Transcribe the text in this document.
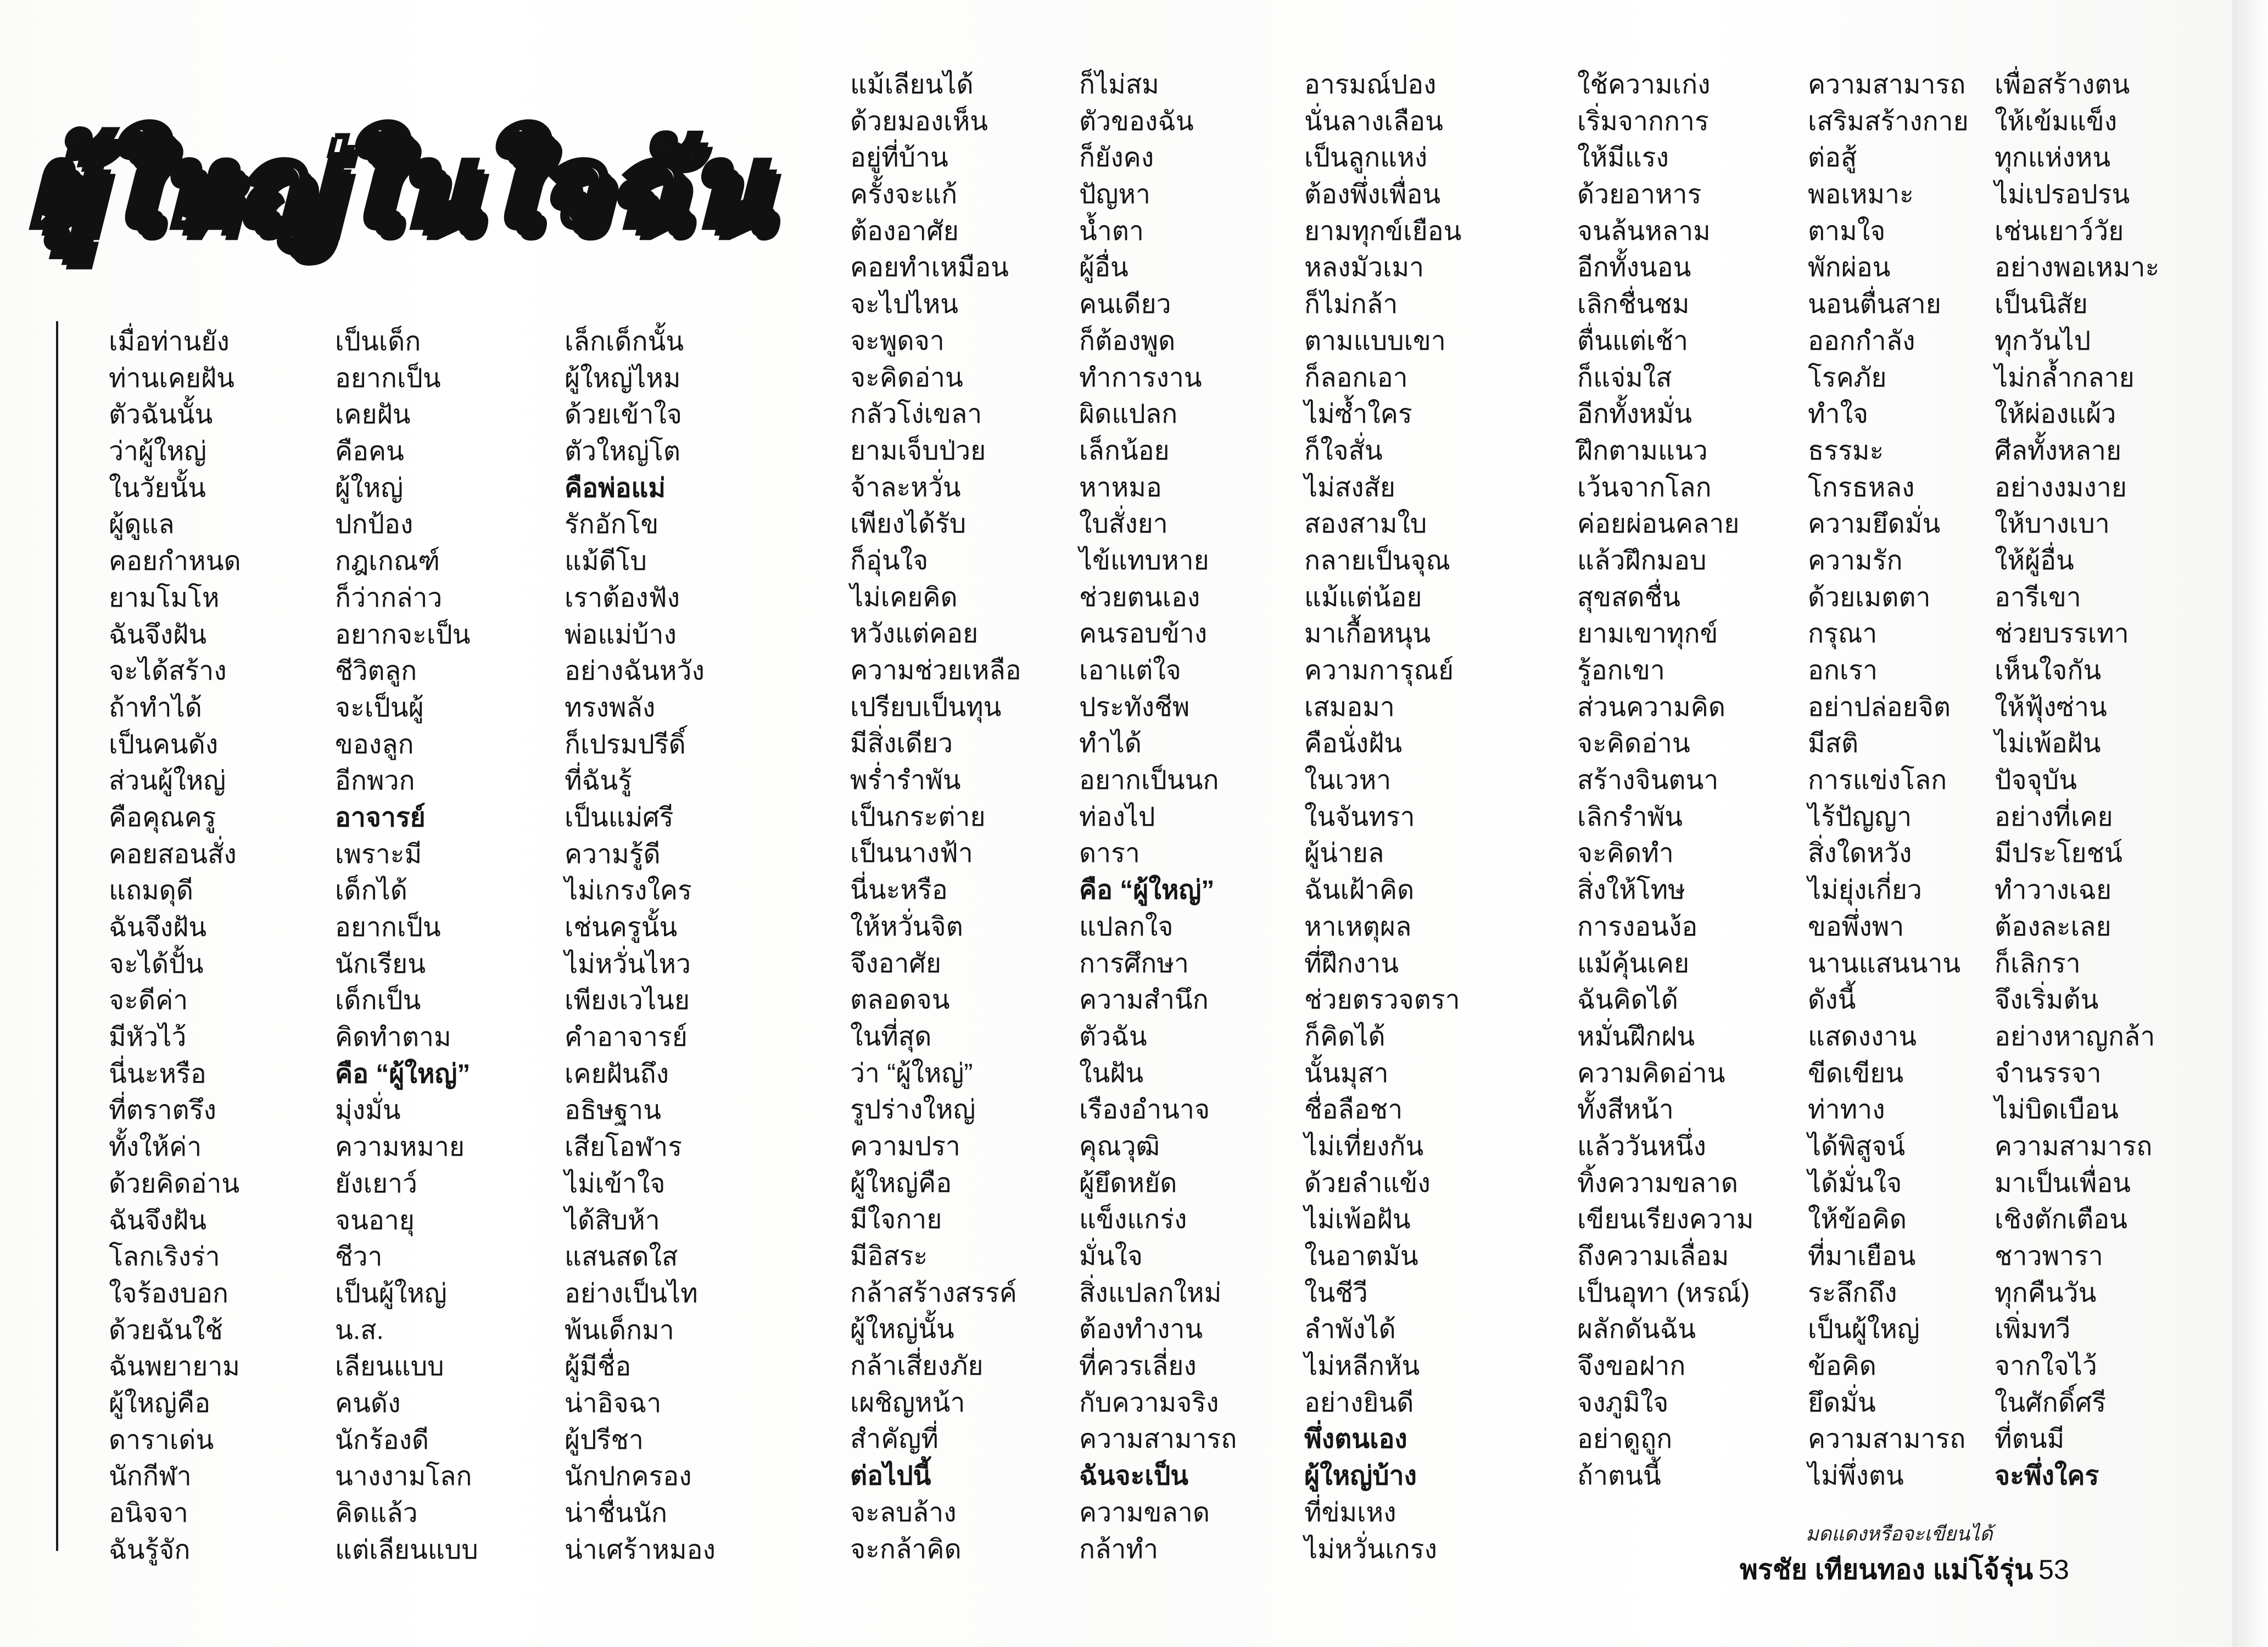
ผู้ใหญ่ในใจฉัน
เมื่อท่านยัง
ท่านเคยฝัน
ตัวฉันนั้น
ว่าผู้ใหญ่
ในวัยนั้น
ผู้ดูแล
คอยกำหนด
ยามโมโห
ฉันจึงฝัน
จะได้สร้าง
ถ้าทำได้
เป็นคนดัง
ส่วนผู้ใหญ่
คือคุณครู
คอยสอนสั่ง
แถมดุดี
ฉันจึงฝัน
จะได้ปั้น
จะดีค่า
มีหัวไว้
นี่นะหรือ
ที่ตราตรึง
ทั้งให้ค่า
ด้วยคิดอ่าน
ฉันจึงฝัน
โลกเริงร่า
ใจร้องบอก
ด้วยฉันใช้
ฉันพยายาม
ผู้ใหญ่คือ
ดาราเด่น
นักกีฬา
อนิจจา
ฉันรู้จัก
เป็นเด็ก
อยากเป็น
เคยฝัน
คือคน
ผู้ใหญ่
ปกป้อง
กฎเกณฑ์
ก็ว่ากล่าว
อยากจะเป็น
ชีวิตลูก
จะเป็นผู้
ของลูก
อีกพวก
อาจารย์
เพราะมี
เด็กได้
อยากเป็น
นักเรียน
เด็กเป็น
คิดทำตาม
คือ “ผู้ใหญ่”
มุ่งมั่น
ความหมาย
ยังเยาว์
จนอายุ
ชีวา
เป็นผู้ใหญ่
น.ส.
เลียนแบบ
คนดัง
นักร้องดี
นางงามโลก
คิดแล้ว
แต่เลียนแบบ
เล็กเด็กนั้น
ผู้ใหญ่ไหม
ด้วยเข้าใจ
ตัวใหญ่โต
คือพ่อแม่
รักอักโข
แม้ดีโบ
เราต้องฟัง
พ่อแม่บ้าง
อย่างฉันหวัง
ทรงพลัง
ก็เปรมปรีดิ์
ที่ฉันรู้
เป็นแม่ศรี
ความรู้ดี
ไม่เกรงใคร
เช่นครูนั้น
ไม่หวั่นไหว
เพียงเวไนย
คำอาจารย์
เคยฝันถึง
อธิษฐาน
เสียโอฬาร
ไม่เข้าใจ
ได้สิบห้า
แสนสดใส
อย่างเป็นไท
พ้นเด็กมา
ผู้มีชื่อ
น่าอิจฉา
ผู้ปรีชา
นักปกครอง
น่าชื่นนัก
น่าเศร้าหมอง
แม้เลียนได้
ด้วยมองเห็น
อยู่ที่บ้าน
ครั้งจะแก้
ต้องอาศัย
คอยทำเหมือน
จะไปไหน
จะพูดจา
จะคิดอ่าน
กลัวโง่เขลา
ยามเจ็บป่วย
จ้าละหวั่น
เพียงได้รับ
ก็อุ่นใจ
ไม่เคยคิด
หวังแต่คอย
ความช่วยเหลือ
เปรียบเป็นทุน
มีสิ่งเดียว
พร่ำรำพัน
เป็นกระต่าย
เป็นนางฟ้า
นี่นะหรือ
ให้หวั่นจิต
จึงอาศัย
ตลอดจน
ในที่สุด
ว่า “ผู้ใหญ่”
รูปร่างใหญ่
ความปรา
ผู้ใหญ่คือ
มีใจกาย
มีอิสระ
กล้าสร้างสรรค์
ผู้ใหญ่นั้น
กล้าเสี่ยงภัย
เผชิญหน้า
สำคัญที่
ต่อไปนี้
จะลบล้าง
จะกล้าคิด
ก็ไม่สม
ตัวของฉัน
ก็ยังคง
ปัญหา
น้ำตา
ผู้อื่น
คนเดียว
ก็ต้องพูด
ทำการงาน
ผิดแปลก
เล็กน้อย
หาหมอ
ใบสั่งยา
ไข้แทบหาย
ช่วยตนเอง
คนรอบข้าง
เอาแต่ใจ
ประทังชีพ
ทำได้
อยากเป็นนก
ท่องไป
ดารา
คือ “ผู้ใหญ่”
แปลกใจ
การศึกษา
ความสำนึก
ตัวฉัน
ในฝัน
เรืองอำนาจ
คุณวุฒิ
ผู้ยึดหยัด
แข็งแกร่ง
มั่นใจ
สิ่งแปลกใหม่
ต้องทำงาน
ที่ควรเลี่ยง
กับความจริง
ความสามารถ
ฉันจะเป็น
ความขลาด
กล้าทำ
อารมณ์ปอง
นั่นลางเลือน
เป็นลูกแหง่
ต้องพึ่งเพื่อน
ยามทุกข์เยือน
หลงมัวเมา
ก็ไม่กล้า
ตามแบบเขา
ก็ลอกเอา
ไม่ซ้ำใคร
ก็ใจสั่น
ไม่สงสัย
สองสามใบ
กลายเป็นจุณ
แม้แต่น้อย
มาเกื้อหนุน
ความการุณย์
เสมอมา
คือนั่งฝัน
ในเวหา
ในจันทรา
ผู้น่ายล
ฉันเฝ้าคิด
หาเหตุผล
ที่ฝึกงาน
ช่วยตรวจตรา
ก็คิดได้
นั้นมุสา
ชื่อลือชา
ไม่เที่ยงกัน
ด้วยลำแข้ง
ไม่เพ้อฝัน
ในอาตมัน
ในชีวี
ลำพังได้
ไม่หลีกหัน
อย่างยินดี
พึ่งตนเอง
ผู้ใหญ่บ้าง
ที่ข่มเหง
ไม่หวั่นเกรง
ใช้ความเก่ง
เริ่มจากการ
ให้มีแรง
ด้วยอาหาร
จนล้นหลาม
อีกทั้งนอน
เลิกชื่นชม
ตื่นแต่เช้า
ก็แจ่มใส
อีกทั้งหมั่น
ฝึกตามแนว
เว้นจากโลก
ค่อยผ่อนคลาย
แล้วฝึกมอบ
สุขสดชื่น
ยามเขาทุกข์
รู้อกเขา
ส่วนความคิด
จะคิดอ่าน
สร้างจินตนา
เลิกรำพัน
จะคิดทำ
สิ่งให้โทษ
การงอนง้อ
แม้คุ้นเคย
ฉันคิดได้
หมั่นฝึกฝน
ความคิดอ่าน
ทั้งสีหน้า
แล้ววันหนึ่ง
ทิ้งความขลาด
เขียนเรียงความ
ถึงความเลื่อม
เป็นอุทา (หรณ์)
ผลักดันฉัน
จึงขอฝาก
จงภูมิใจ
อย่าดูถูก
ถ้าตนนี้
ความสามารถ
เสริมสร้างกาย
ต่อสู้
พอเหมาะ
ตามใจ
พักผ่อน
นอนตื่นสาย
ออกกำลัง
โรคภัย
ทำใจ
ธรรมะ
โกรธหลง
ความยึดมั่น
ความรัก
ด้วยเมตตา
กรุณา
อกเรา
อย่าปล่อยจิต
มีสติ
การแข่งโลก
ไร้ปัญญา
สิ่งใดหวัง
ไม่ยุ่งเกี่ยว
ขอพึ่งพา
นานแสนนาน
ดังนี้
แสดงงาน
ขีดเขียน
ท่าทาง
ได้พิสูจน์
ได้มั่นใจ
ให้ข้อคิด
ที่มาเยือน
ระลึกถึง
เป็นผู้ใหญ่
ข้อคิด
ยึดมั่น
ความสามารถ
ไม่พึ่งตน
เพื่อสร้างตน
ให้เข้มแข็ง
ทุกแห่งหน
ไม่เปรอปรน
เช่นเยาว์วัย
อย่างพอเหมาะ
เป็นนิสัย
ทุกวันไป
ไม่กล้ำกลาย
ให้ผ่องแผ้ว
ศีลทั้งหลาย
อย่างงมงาย
ให้บางเบา
ให้ผู้อื่น
อารีเขา
ช่วยบรรเทา
เห็นใจกัน
ให้ฟุ้งซ่าน
ไม่เพ้อฝัน
ปัจจุบัน
อย่างที่เคย
มีประโยชน์
ทำวางเฉย
ต้องละเลย
ก็เลิกรา
จึงเริ่มต้น
อย่างหาญกล้า
จำนรรจา
ไม่บิดเบือน
ความสามารถ
มาเป็นเพื่อน
เชิงตักเตือน
ชาวพารา
ทุกคืนวัน
เพิ่มทวี
จากใจไว้
ในศักดิ์ศรี
ที่ตนมี
จะพึ่งใคร
มดแดงหรือจะเขียนได้
พรชัย เทียนทอง แม่โจ้รุ่น 53
